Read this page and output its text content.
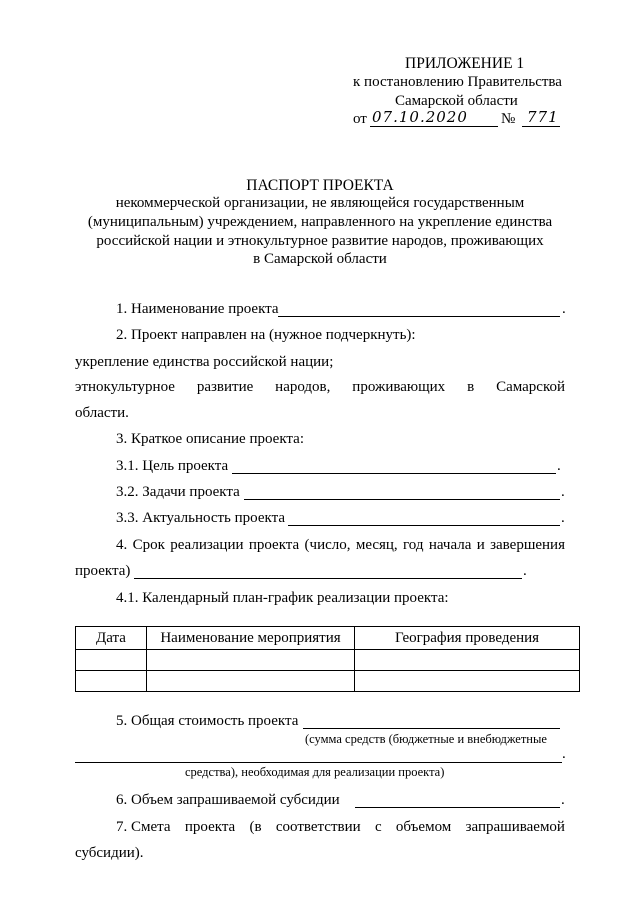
ПРИЛОЖЕНИЕ 1
к постановлению Правительства
Самарской области
от 07.10.2020 № 771
ПАСПОРТ ПРОЕКТА
некоммерческой организации, не являющейся государственным
(муниципальным) учреждением, направленного на укрепление единства
российской нации и этнокультурное развитие народов, проживающих
в Самарской области
1. Наименование проекта	.
2. Проект направлен на (нужное подчеркнуть):
укрепление единства российской нации;
этнокультурное развитие народов, проживающих в Самарской
области.
3. Краткое описание проекта:
3.1. Цель проекта	.
3.2. Задачи проекта	.
3.3. Актуальность проекта	.
4. Срок реализации проекта (число, месяц, год начала и завершения
проекта)	.
4.1. Календарный план-график реализации проекта:
Дата	Наименование мероприятия	География проведения

5. Общая стоимость проекта
(сумма средств (бюджетные и внебюджетные
.
средства), необходимая для реализации проекта)
6. Объем запрашиваемой субсидии	.
7. Смета проекта (в соответствии с объемом запрашиваемой
субсидии).
